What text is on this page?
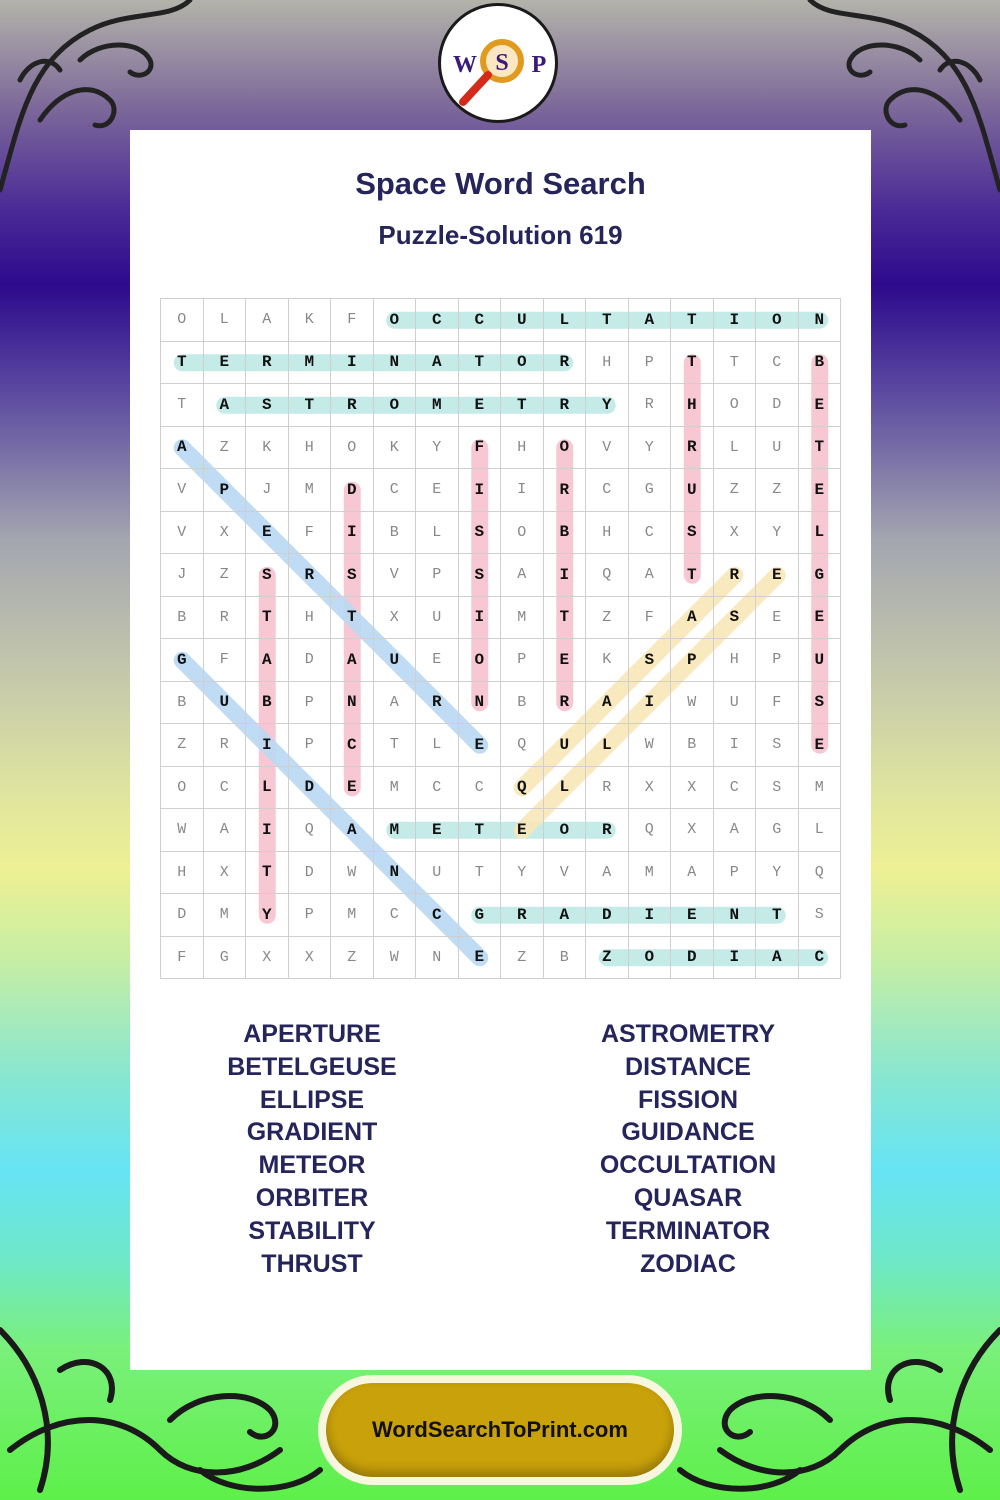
W S P
Space Word Search
Puzzle-Solution 619
O	L	A	K	F	O	C	C	U	L	T	A	T	I	O	N
T	E	R	M	I	N	A	T	O	R	H	P	T	T	C	B
T	A	S	T	R	O	M	E	T	R	Y	R	H	O	D	E
A	Z	K	H	O	K	Y	F	H	O	V	Y	R	L	U	T
V	P	J	M	D	C	E	I	I	R	C	G	U	Z	Z	E
V	X	E	F	I	B	L	S	O	B	H	C	S	X	Y	L
J	Z	S	R	S	V	P	S	A	I	Q	A	T	R	E	G
B	R	T	H	T	X	U	I	M	T	Z	F	A	S	E	E
G	F	A	D	A	U	E	O	P	E	K	S	P	H	P	U
B	U	B	P	N	A	R	N	B	R	A	I	W	U	F	S
Z	R	I	P	C	T	L	E	Q	U	L	W	B	I	S	E
O	C	L	D	E	M	C	C	Q	L	R	X	X	C	S	M
W	A	I	Q	A	M	E	T	E	O	R	Q	X	A	G	L
H	X	T	D	W	N	U	T	Y	V	A	M	A	P	Y	Q
D	M	Y	P	M	C	C	G	R	A	D	I	E	N	T	S
F	G	X	X	Z	W	N	E	Z	B	Z	O	D	I	A	C
APERTURE
BETELGEUSE
ELLIPSE
GRADIENT
METEOR
ORBITER
STABILITY
THRUST
ASTROMETRY
DISTANCE
FISSION
GUIDANCE
OCCULTATION
QUASAR
TERMINATOR
ZODIAC
WordSearchToPrint.com
